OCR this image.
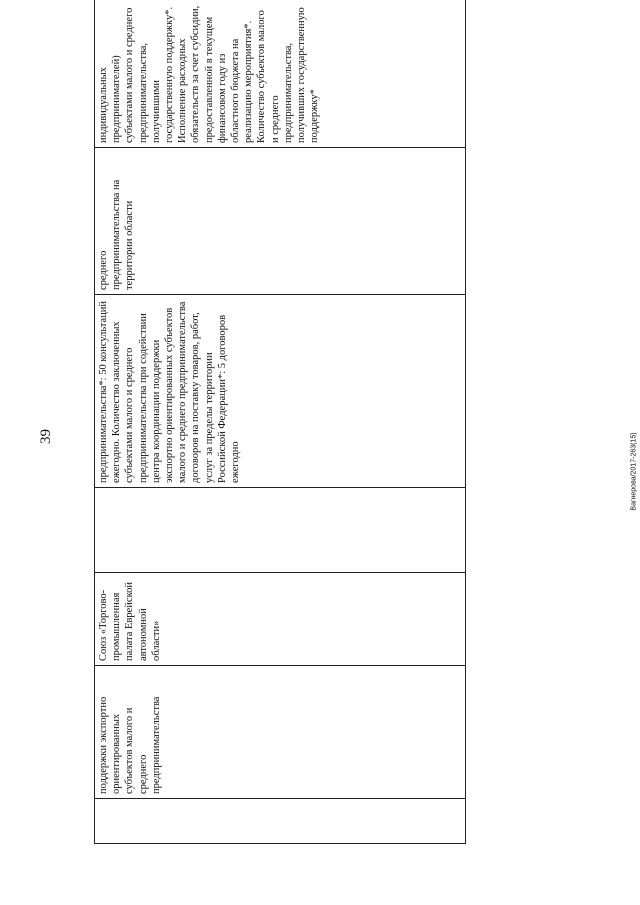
39	Вагнерова/2017-263(15)
	поддержки экспортно ориентированных субъектов малого и среднего предпринимательства	Союз «Торгово-промышленная палата Еврейской автономной области»		предпринимательства*: 50 консультаций ежегодно. Количество заключенных субъектами малого и среднего предпринимательства при содействии центра координации поддержки экспортно ориентированных субъектов малого и среднего предпринимательства договоров на поставку товаров, работ, услуг за пределы территории Российской Федерации*: 5 договоров ежегодно	среднего предпринимательства на территории области	индивидуальных предпринимателей) субъектами малого и среднего предпринимательства, получившими государственную поддержку*. Исполнение расходных обязательств за счет субсидии, предоставленной в текущем финансовом году из областного бюджета на реализацию мероприятия*. Количество субъектов малого и среднего предпринимательства, получивших государственную поддержку*
